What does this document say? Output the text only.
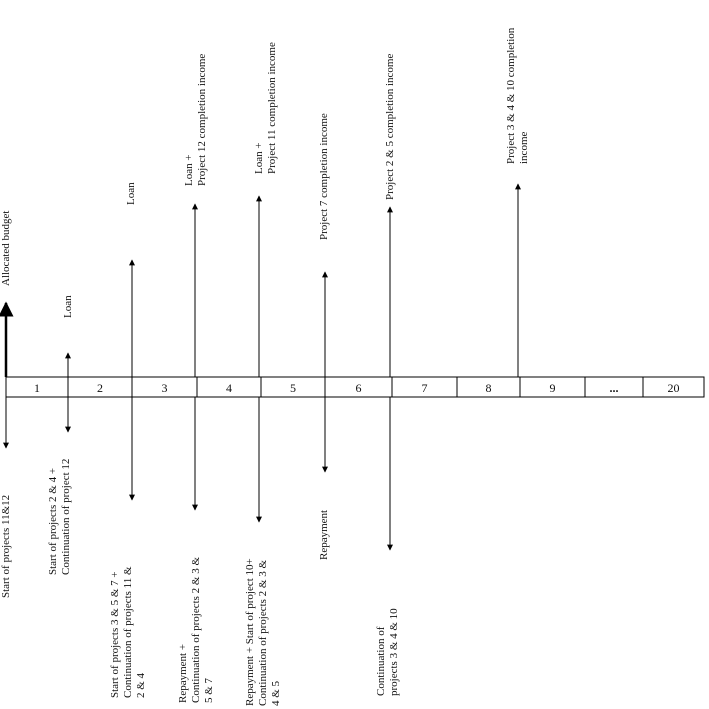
1	2	3	4	5	6	7	8	9	...	20
Allocated budget
Loan
Loan
Loan + Project 12 completion income	Loan + Project 11 completion income
Project 7 completion income	Project 2 & 5 completion income	Project 3 & 4 & 10 completion income
Start of projects 11&12	Start of projects 2 & 4 + Continuation of project 12
Start of projects 3 & 5 & 7 + Continuation of projects 11 & 2 & 4	Repayment + Continuation of projects 2 & 3 & 5 & 7	Repayment + Start of project 10+ Continuation of projects 2 & 3 & 4 & 5
Repayment
Continuation of projects 3 & 4 & 10
